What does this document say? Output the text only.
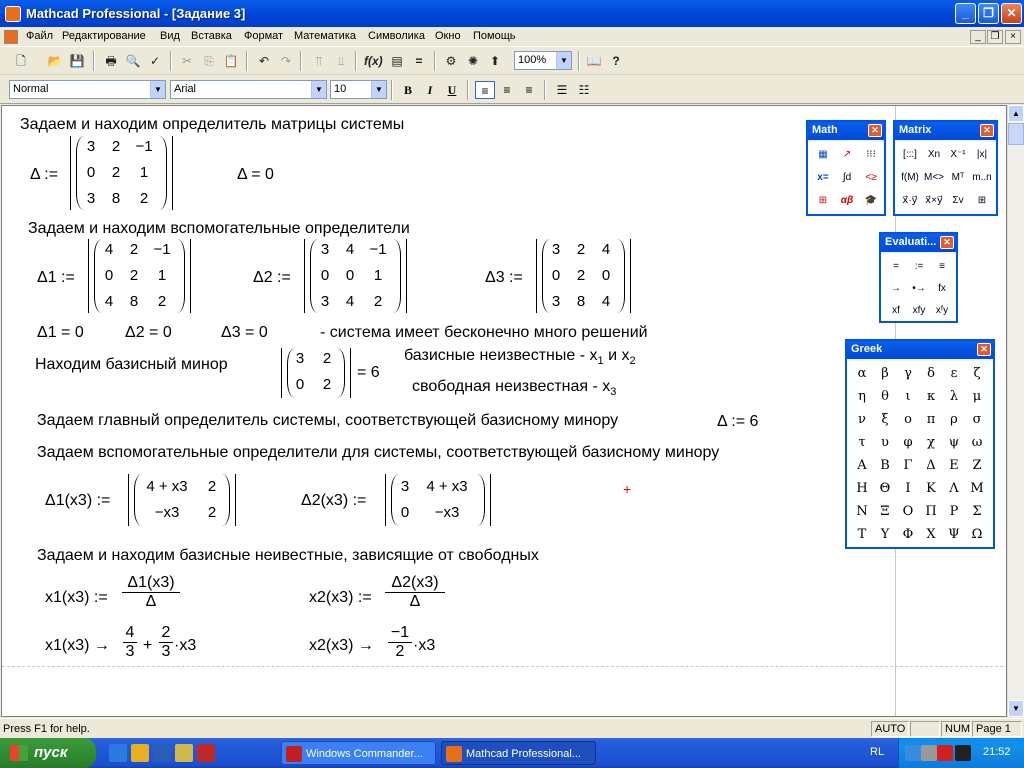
Mathcad Professional - [Задание 3]	_	❐	✕
Файл Редактирование Вид Вставка Формат Математика Символика Окно Помощь	_ ❐	×
🗋	📂 💾 🖶 🔍 ✓	✂	⎘ 📋	↶ ↷	⫪	⫫	f(x) ▤	=	⚙ ✺ ⬆	100%	▼ 📖 ?
Normal	▼	Arial	▼	10	▼	B	I	U	≡	≡	≡	☰ ☷
Задаем и находим определитель матрицы системы
Δ :=
3	2	−1
0	2	1
3	8	2
Δ = 0
Задаем и находим вспомогательные определители
Δ1 :=
4	2	−1
0	2	1
4	8	2
Δ2 :=
3	4	−1
0	0	1
3	4	2
Δ3 :=
3	2	4
0	2	0
3	8	4
Δ1 = 0	Δ2 = 0	Δ3 = 0	- система имеет бесконечно много решений
Находим базисный минор	3	2
0	2
= 6
базисные неизвестные - $x_1$ и $x_2$
свободная неизвестная - $x_3$
Задаем главный определитель системы, соответствующей базисному минору	Δ := 6
Задаем вспомогательные определители для системы, соответствующей базисному минору
Δ1(x3) :=
4 + x3	2
−x3	2
Δ2(x3) :=
3	4 + x3
0	−x3
+
Задаем и находим базисные неивестные, зависящие от свободных
x1(x3) := $\frac{\Delta 1(x3)}{\Delta}$	x2(x3) := $\frac{\Delta 2(x3)}{\Delta}$
$x1(x3) \to \frac{4}{3} + \frac{2}{3} \cdot x3$	$x2(x3) \to \frac{-1}{2} \cdot x3$
Math	✕
▦	↗	⁝⁝⁝
x=	∫d	<≥
⊞	αβ	🎓
Matrix	✕
[:::]	Xn	X⁻¹	|x|
f(M) M<> Mᵀ m..n
x⃗·y⃗ x⃗×y⃗ Σv	⊞
Evaluati... ✕
=	:=	≡
→	•→	fx
xf	xfy	xᶠy
Greek	✕
α	β	γ	δ	ε	ζ
η	θ	ι	κ	λ	μ
ν	ξ	ο	π	ρ	σ
τ	υ	φ	χ	ψ ω
Α	Β	Γ	Δ	Ε	Ζ
Η Θ	Ι	Κ	Λ Μ
Ν Ξ	Ο Π Ρ	Σ
Τ	Υ	Φ	Χ Ψ Ω
▲
▼
Press F1 for help.	AUTO	NUM Page 1
пуск	Windows Commander...	Mathcad Professional...	RL	21:52
